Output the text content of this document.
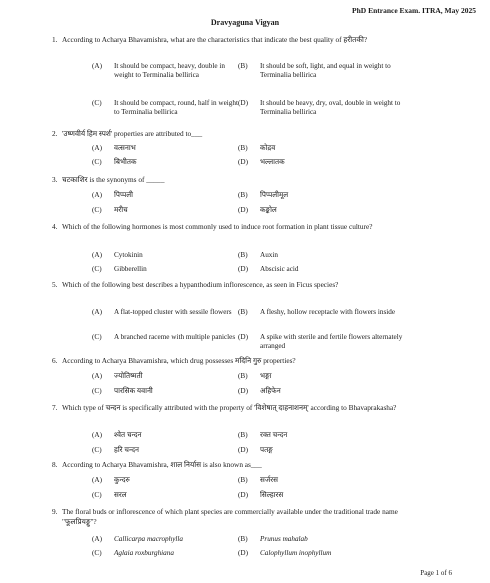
PhD Entrance Exam. ITRA, May 2025
Dravyaguna Vigyan
1. According to Acharya Bhavamishra, what are the characteristics that indicate the best quality of हरीतकी?
(A) It should be compact, heavy, double in weight to Terminalia bellirica
(B) It should be soft, light, and equal in weight to Terminalia bellirica
(C) It should be compact, round, half in weight to Terminalia bellirica
(D) It should be heavy, dry, oval, double in weight to Terminalia bellirica
2. 'उष्णवीर्य हिम स्पर्श' properties are attributed to___
(A) वत्सनाभ	(B) कोद्रव
(C) बिभीतक	(D) भल्लातक
3. चटकाशिर is the synonyms of _____
(A) पिप्पली	(B) पिप्पलीमूल
(C) मरीच	(D) कङ्कोल
4. Which of the following hormones is most commonly used to induce root formation in plant tissue culture?
(A) Cytokinin	(B) Auxin
(C) Gibberellin	(D) Abscisic acid
5. Which of the following best describes a hypanthodium inflorescence, as seen in Ficus species?
(A) A flat-topped cluster with sessile flowers (B) A fleshy, hollow receptacle with flowers inside
(C) A branched raceme with multiple panicles (D) A spike with sterile and fertile flowers alternately arranged
6. According to Acharya Bhavamishra, which drug possesses मदिनि गुरु properties?
(A) ज्योतिष्मती	(B) भङ्गा
(C) पारसिक यवानी	(D) अहिफेन
7. Which type of चन्दन is specifically attributed with the property of 'विशेषात् दाहनाशनम्' according to Bhavaprakasha?
(A) श्वेत चन्दन	(B) रक्त चन्दन
(C) हरि चन्दन	(D) पतङ्ग
8. According to Acharya Bhavamishra, शाल निर्यास is also known as___
(A) कुन्दरु	(B) सर्जरस
(C) सरल	(D) सिल्हारस
9. The floral buds or inflorescence of which plant species are commercially available under the traditional trade name "फूलप्रियङ्गु"?
(A) Callicarpa macrophylla	(B) Prunus mahalab
(C) Aglaia roxburghiana	(D) Calophyllum inophyllum
Page 1 of 6
